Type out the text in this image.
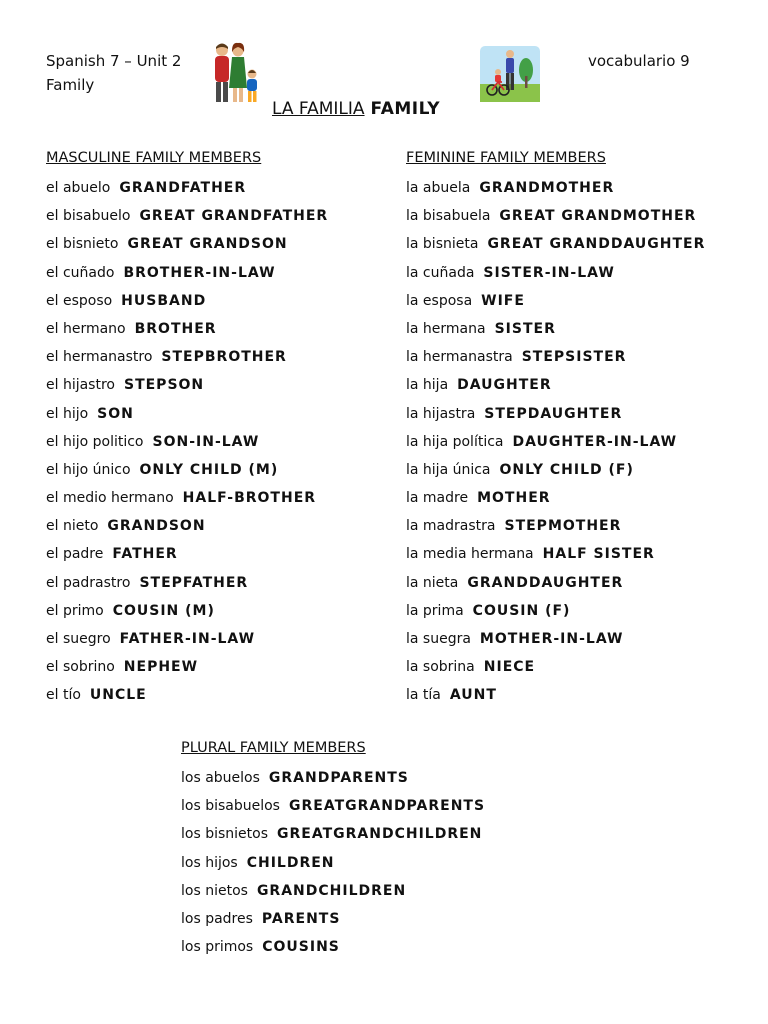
Spanish 7 – Unit 2
Family
vocabulario 9
LA FAMILIA FAMILY
MASCULINE FAMILY MEMBERS
el abuelo GRANDFATHER
el bisabuelo GREAT GRANDFATHER
el bisnieto GREAT GRANDSON
el cuñado BROTHER-IN-LAW
el esposo HUSBAND
el hermano BROTHER
el hermanastro STEPBROTHER
el hijastro STEPSON
el hijo SON
el hijo politico SON-IN-LAW
el hijo único ONLY CHILD (M)
el medio hermano HALF-BROTHER
el nieto GRANDSON
el padre FATHER
el padrastro STEPFATHER
el primo COUSIN (M)
el suegro FATHER-IN-LAW
el sobrino NEPHEW
el tío UNCLE
FEMININE FAMILY MEMBERS
la abuela GRANDMOTHER
la bisabuela GREAT GRANDMOTHER
la bisnieta GREAT GRANDDAUGHTER
la cuñada SISTER-IN-LAW
la esposa WIFE
la hermana SISTER
la hermanastra STEPSISTER
la hija DAUGHTER
la hijastra STEPDAUGHTER
la hija política DAUGHTER-IN-LAW
la hija única ONLY CHILD (F)
la madre MOTHER
la madrastra STEPMOTHER
la media hermana HALF SISTER
la nieta GRANDDAUGHTER
la prima COUSIN (F)
la suegra MOTHER-IN-LAW
la sobrina NIECE
la tía AUNT
PLURAL FAMILY MEMBERS
los abuelos GRANDPARENTS
los bisabuelos GREATGRANDPARENTS
los bisnietos GREATGRANDCHILDREN
los hijos CHILDREN
los nietos GRANDCHILDREN
los padres PARENTS
los primos COUSINS
